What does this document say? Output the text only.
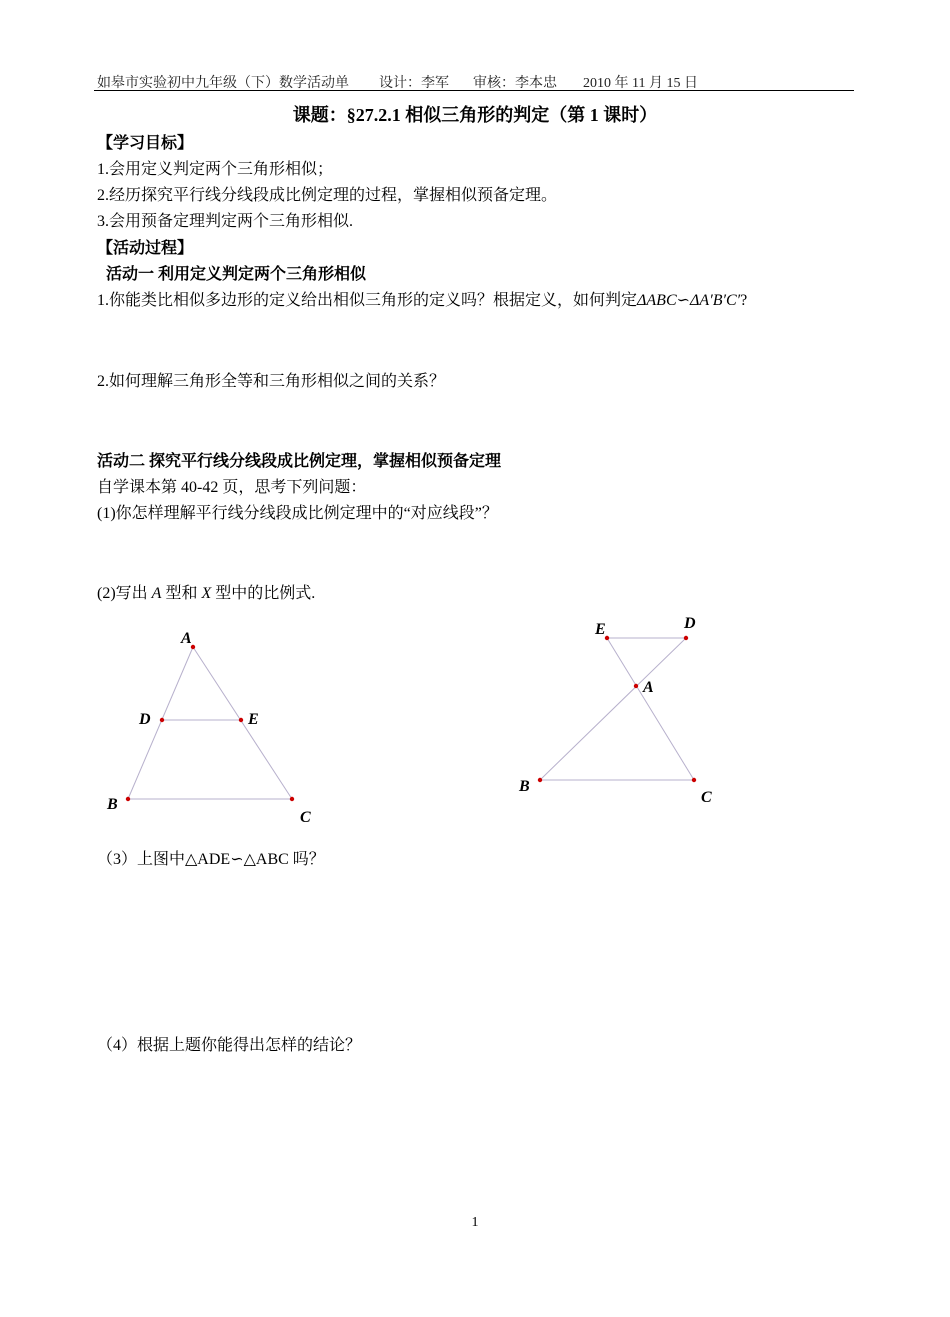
如皋市实验初中九年级（下）数学活动单 设计：李军 审核：李本忠 2010 年 11 月 15 日
课题：§27.2.1 相似三角形的判定（第 1 课时）
【学习目标】
1.会用定义判定两个三角形相似；
2.经历探究平行线分线段成比例定理的过程，掌握相似预备定理。
3.会用预备定理判定两个三角形相似.
【活动过程】
活动一 利用定义判定两个三角形相似
1.你能类比相似多边形的定义给出相似三角形的定义吗？根据定义，如何判定ΔABC∽ΔA′B′C′?
2.如何理解三角形全等和三角形相似之间的关系？
活动二 探究平行线分线段成比例定理，掌握相似预备定理
自学课本第 40-42 页，思考下列问题：
(1)你怎样理解平行线分线段成比例定理中的“对应线段”？
(2)写出 A 型和 X 型中的比例式.
A
D	E
B
C
E	D
A
B
C
（3）上图中△ADE∽△ABC 吗？
（4）根据上题你能得出怎样的结论？
1
